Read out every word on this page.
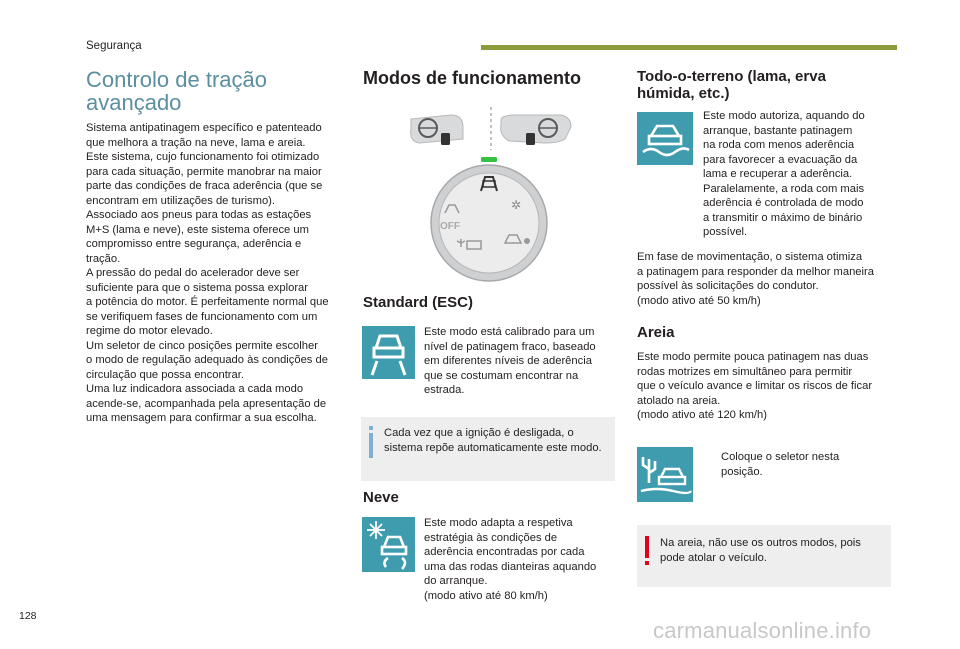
Segurança
Controlo de tração
avançado
Sistema antipatinagem específico e patenteado
que melhora a tração na neve, lama e areia.
Este sistema, cujo funcionamento foi otimizado
para cada situação, permite manobrar na maior
parte das condições de fraca aderência (que se
encontram em utilizações de turismo).
Associado aos pneus para todas as estações
M+S (lama e neve), este sistema oferece um
compromisso entre segurança, aderência e
tração.
A pressão do pedal do acelerador deve ser
suficiente para que o sistema possa explorar
a potência do motor. É perfeitamente normal que
se verifiquem fases de funcionamento com um
regime do motor elevado.
Um seletor de cinco posições permite escolher
o modo de regulação adequado às condições de
circulação que possa encontrar.
Uma luz indicadora associada a cada modo
acende-se, acompanhada pela apresentação de
uma mensagem para confirmar a sua escolha.
Modos de funcionamento
✲
OFF
Standard (ESC)
Este modo está calibrado para um
nível de patinagem fraco, baseado
em diferentes níveis de aderência
que se costumam encontrar na
estrada.
Cada vez que a ignição é desligada, o
sistema repõe automaticamente este modo.
Neve
Este modo adapta a respetiva
estratégia às condições de
aderência encontradas por cada
uma das rodas dianteiras aquando
do arranque.
(modo ativo até 80 km/h)
Todo-o-terreno (lama, erva
húmida, etc.)
Este modo autoriza, aquando do
arranque, bastante patinagem
na roda com menos aderência
para favorecer a evacuação da
lama e recuperar a aderência.
Paralelamente, a roda com mais
aderência é controlada de modo
a transmitir o máximo de binário
possível.
Em fase de movimentação, o sistema otimiza
a patinagem para responder da melhor maneira
possível às solicitações do condutor.
(modo ativo até 50 km/h)
Areia
Este modo permite pouca patinagem nas duas
rodas motrizes em simultâneo para permitir
que o veículo avance e limitar os riscos de ficar
atolado na areia.
(modo ativo até 120 km/h)
Coloque o seletor nesta
posição.
Na areia, não use os outros modos, pois
pode atolar o veículo.
128
carmanualsonline.info
